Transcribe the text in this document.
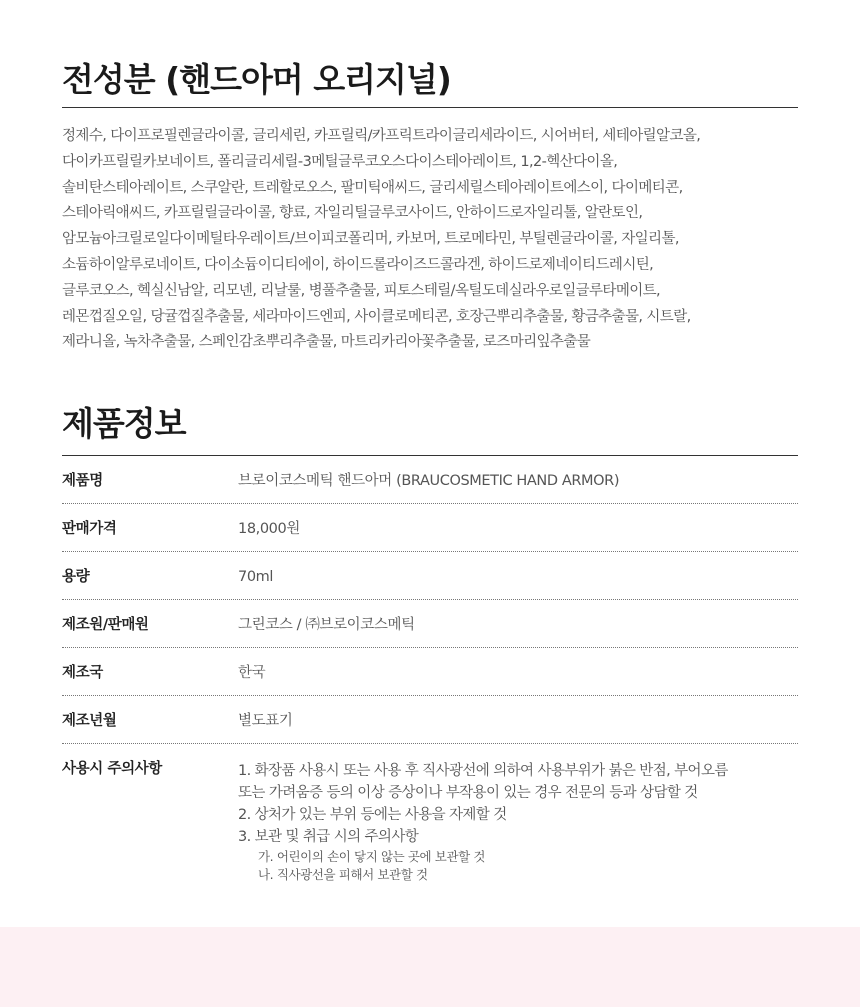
전성분 (핸드아머 오리지널)
정제수, 다이프로필렌글라이콜, 글리세린, 카프릴릭/카프릭트라이글리세라이드, 시어버터, 세테아릴알코올,
다이카프릴릴카보네이트, 폴리글리세릴-3메틸글루코오스다이스테아레이트, 1,2-헥산다이올,
솔비탄스테아레이트, 스쿠알란, 트레할로오스, 팔미틱애씨드, 글리세릴스테아레이트에스이, 다이메티콘,
스테아릭애씨드, 카프릴릴글라이콜, 향료, 자일리틸글루코사이드, 안하이드로자일리톨, 알란토인,
암모늄아크릴로일다이메틸타우레이트/브이피코폴리머, 카보머, 트로메타민, 부틸렌글라이콜, 자일리톨,
소듐하이알루로네이트, 다이소듐이디티에이, 하이드롤라이즈드콜라겐, 하이드로제네이티드레시틴,
글루코오스, 헥실신남알, 리모넨, 리날룰, 병풀추출물, 피토스테릴/옥틸도데실라우로일글루타메이트,
레몬껍질오일, 당귤껍질추출물, 세라마이드엔피, 사이클로메티콘, 호장근뿌리추출물, 황금추출물, 시트랄,
제라니올, 녹차추출물, 스페인감초뿌리추출물, 마트리카리아꽃추출물, 로즈마리잎추출물
제품정보
제품명	브로이코스메틱 핸드아머 (BRAUCOSMETIC HAND ARMOR)
판매가격	18,000원
용량	70ml
제조원/판매원	그린코스 / ㈜브로이코스메틱
제조국	한국
제조년월	별도표기
사용시 주의사항	1. 화장품 사용시 또는 사용 후 직사광선에 의하여 사용부위가 붉은 반점, 부어오름
또는 가려움증 등의 이상 증상이나 부작용이 있는 경우 전문의 등과 상담할 것
2. 상처가 있는 부위 등에는 사용을 자제할 것
3. 보관 및 취급 시의 주의사항
가. 어린이의 손이 닿지 않는 곳에 보관할 것
나. 직사광선을 피해서 보관할 것
